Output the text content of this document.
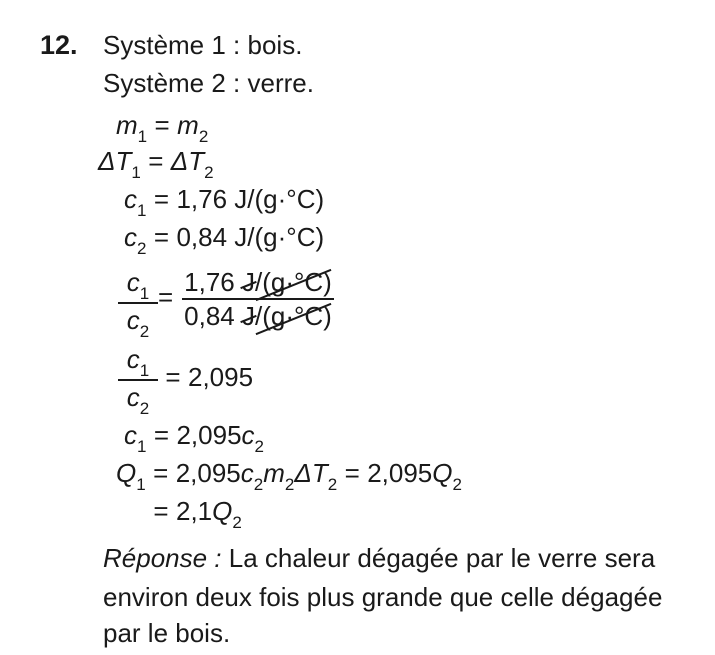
12. Système 1 : bois.
Système 2 : verre.
$m_1 = m_2$
$\Delta T_1 = \Delta T_2$
$c_1 = 1,76$ J/(g·°C)
$c_2 = 0,84$ J/(g·°C)
$\frac{c_1}{c_2} = \frac{1,76 J/(g\cdot^\circ C)}{0,84 J/(g\cdot^\circ C)}$
$\frac{c_1}{c_2} = 2,095$
$c_1 = 2,095c_2$
$Q_1 = 2,095c_2m_2\Delta T_2 = 2,095Q_2$
= $2,1Q_2$
Réponse : La chaleur dégagée par le verre sera
environ deux fois plus grande que celle dégagée
par le bois.
